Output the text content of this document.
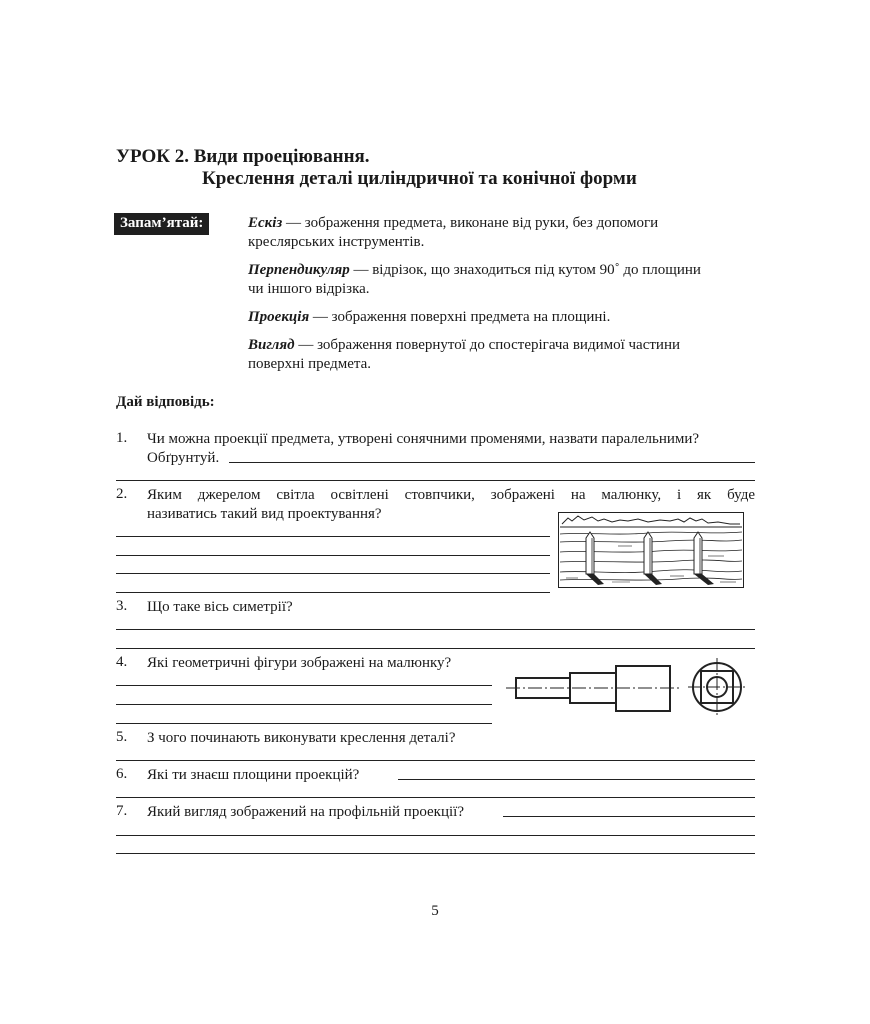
УРОК 2. Види проеціювання.
Креслення деталі циліндричної та конічної форми
Запам’ятай:	Ескіз — зображення предмета, виконане від руки, без допомоги
креслярських інструментів.
Перпендикуляр — відрізок, що знаходиться під кутом 90˚ до площини
чи іншого відрізка.
Проекція — зображення поверхні предмета на площині.
Вигляд — зображення повернутої до спостерігача видимої частини
поверхні предмета.
Дай відповідь:
1.	Чи можна проекції предмета, утворені сонячними променями, назвати паралельними?
Обґрунтуй.
2.	Яким джерелом світла освітлені стовпчики, зображені на малюнку, і як буде
називатись такий вид проектування?
3.	Що таке вісь симетрії?
4.	Які геометричні фігури зображені на малюнку?
5.	З чого починають виконувати креслення деталі?
6.	Які ти знаєш площини проекцій?
7.	Який вигляд зображений на профільній проекції?
5
